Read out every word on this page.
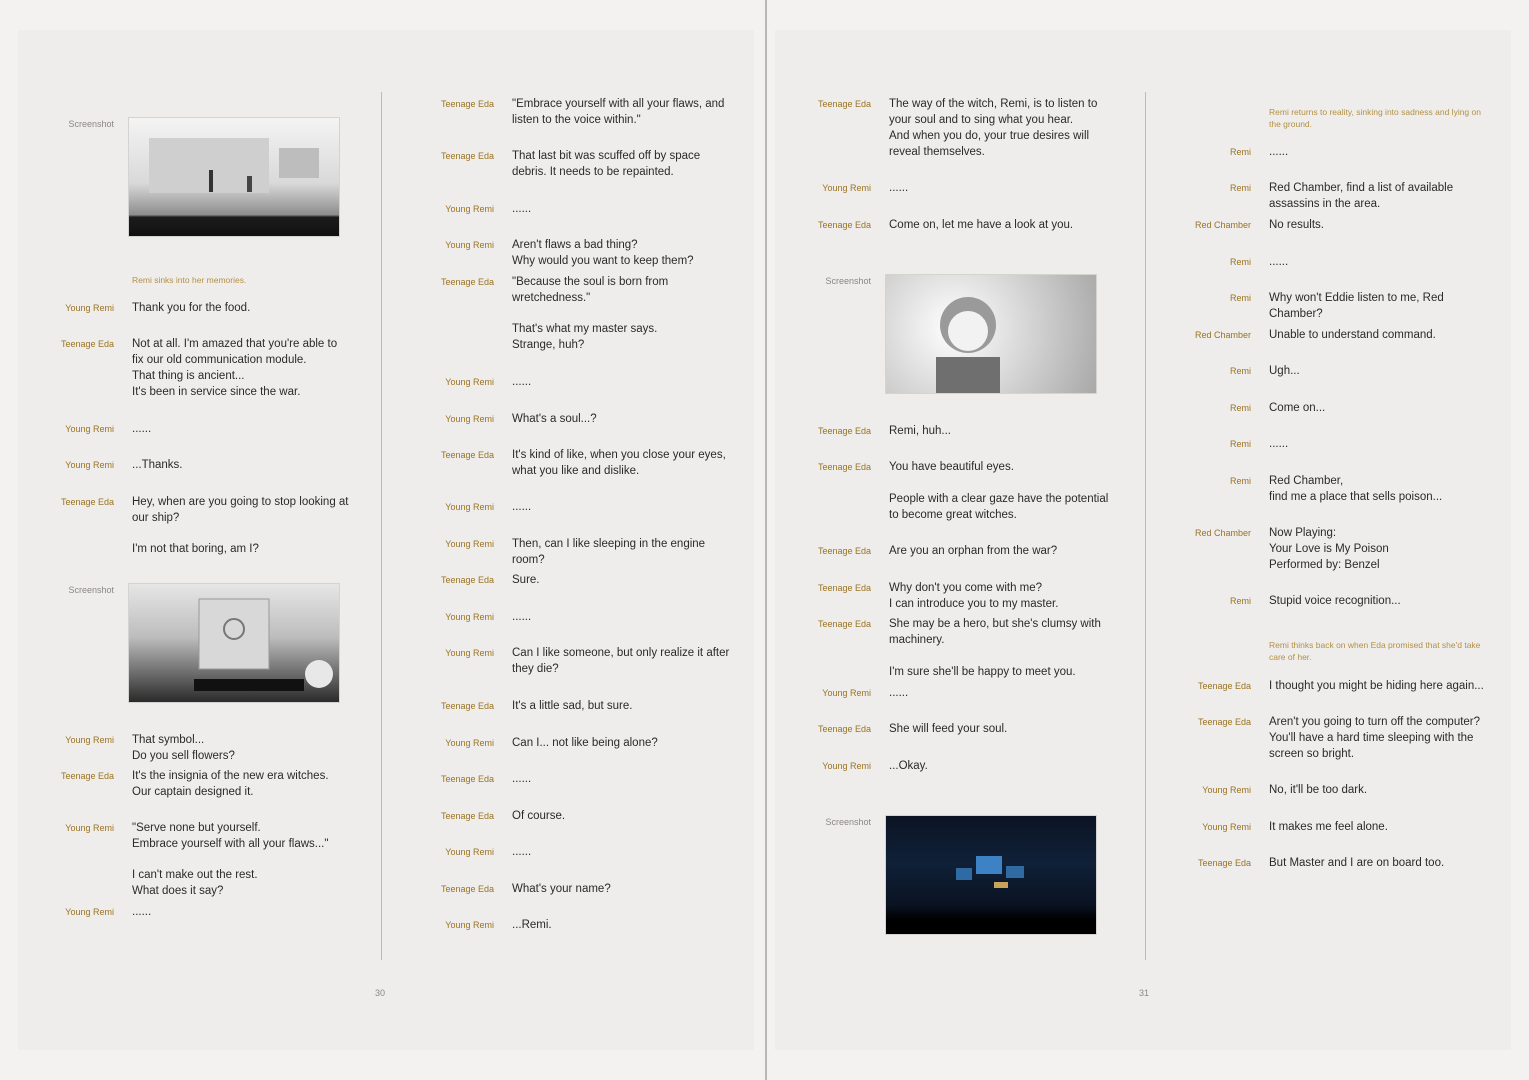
Screenshot
Remi sinks into her memories.
Young Remi Thank you for the food.
Teenage Eda Not at all. I'm amazed that you're able to
fix our old communication module.
That thing is ancient...
It's been in service since the war.
Young Remi ......
Young Remi ...Thanks.
Teenage Eda Hey, when are you going to stop looking at
our ship?
I'm not that boring, am I?
Screenshot
Young Remi That symbol...
Do you sell flowers?
Teenage Eda It's the insignia of the new era witches.
Our captain designed it.
Young Remi "Serve none but yourself.
Embrace yourself with all your flaws..."
I can't make out the rest.
What does it say?
Young Remi ......
Teenage Eda "Embrace yourself with all your flaws, and
listen to the voice within."
Teenage Eda That last bit was scuffed off by space
debris. It needs to be repainted.
Young Remi ......
Young Remi Aren't flaws a bad thing?
Why would you want to keep them?
Teenage Eda "Because the soul is born from
wretchedness."
That's what my master says.
Strange, huh?
Young Remi ......
Young Remi What's a soul...?
Teenage Eda It's kind of like, when you close your eyes,
what you like and dislike.
Young Remi ......
Young Remi Then, can I like sleeping in the engine
room?
Teenage Eda Sure.
Young Remi ......
Young Remi Can I like someone, but only realize it after
they die?
Teenage Eda It's a little sad, but sure.
Young Remi Can I... not like being alone?
Teenage Eda ......
Teenage Eda Of course.
Young Remi ......
Teenage Eda What's your name?
Young Remi ...Remi.
30
Teenage Eda The way of the witch, Remi, is to listen to
your soul and to sing what you hear.
And when you do, your true desires will
reveal themselves.
Young Remi ......
Teenage Eda Come on, let me have a look at you.
Screenshot
Teenage Eda Remi, huh...
Teenage Eda You have beautiful eyes.
People with a clear gaze have the potential
to become great witches.
Teenage Eda Are you an orphan from the war?
Teenage Eda Why don't you come with me?
I can introduce you to my master.
Teenage Eda She may be a hero, but she's clumsy with
machinery.
I'm sure she'll be happy to meet you.
Young Remi ......
Teenage Eda She will feed your soul.
Young Remi ...Okay.
Screenshot
Remi returns to reality, sinking into sadness and lying on the ground.
Remi ......
Remi Red Chamber, find a list of available
assassins in the area.
Red Chamber No results.
Remi ......
Remi Why won't Eddie listen to me, Red
Chamber?
Red Chamber Unable to understand command.
Remi Ugh...
Remi Come on...
Remi ......
Remi Red Chamber,
find me a place that sells poison...
Red Chamber Now Playing:
Your Love is My Poison
Performed by: Benzel
Remi Stupid voice recognition...
Remi thinks back on when Eda promised that she'd take care of her.
Teenage Eda I thought you might be hiding here again...
Teenage Eda Aren't you going to turn off the computer?
You'll have a hard time sleeping with the
screen so bright.
Young Remi No, it'll be too dark.
Young Remi It makes me feel alone.
Teenage Eda But Master and I are on board too.
31
